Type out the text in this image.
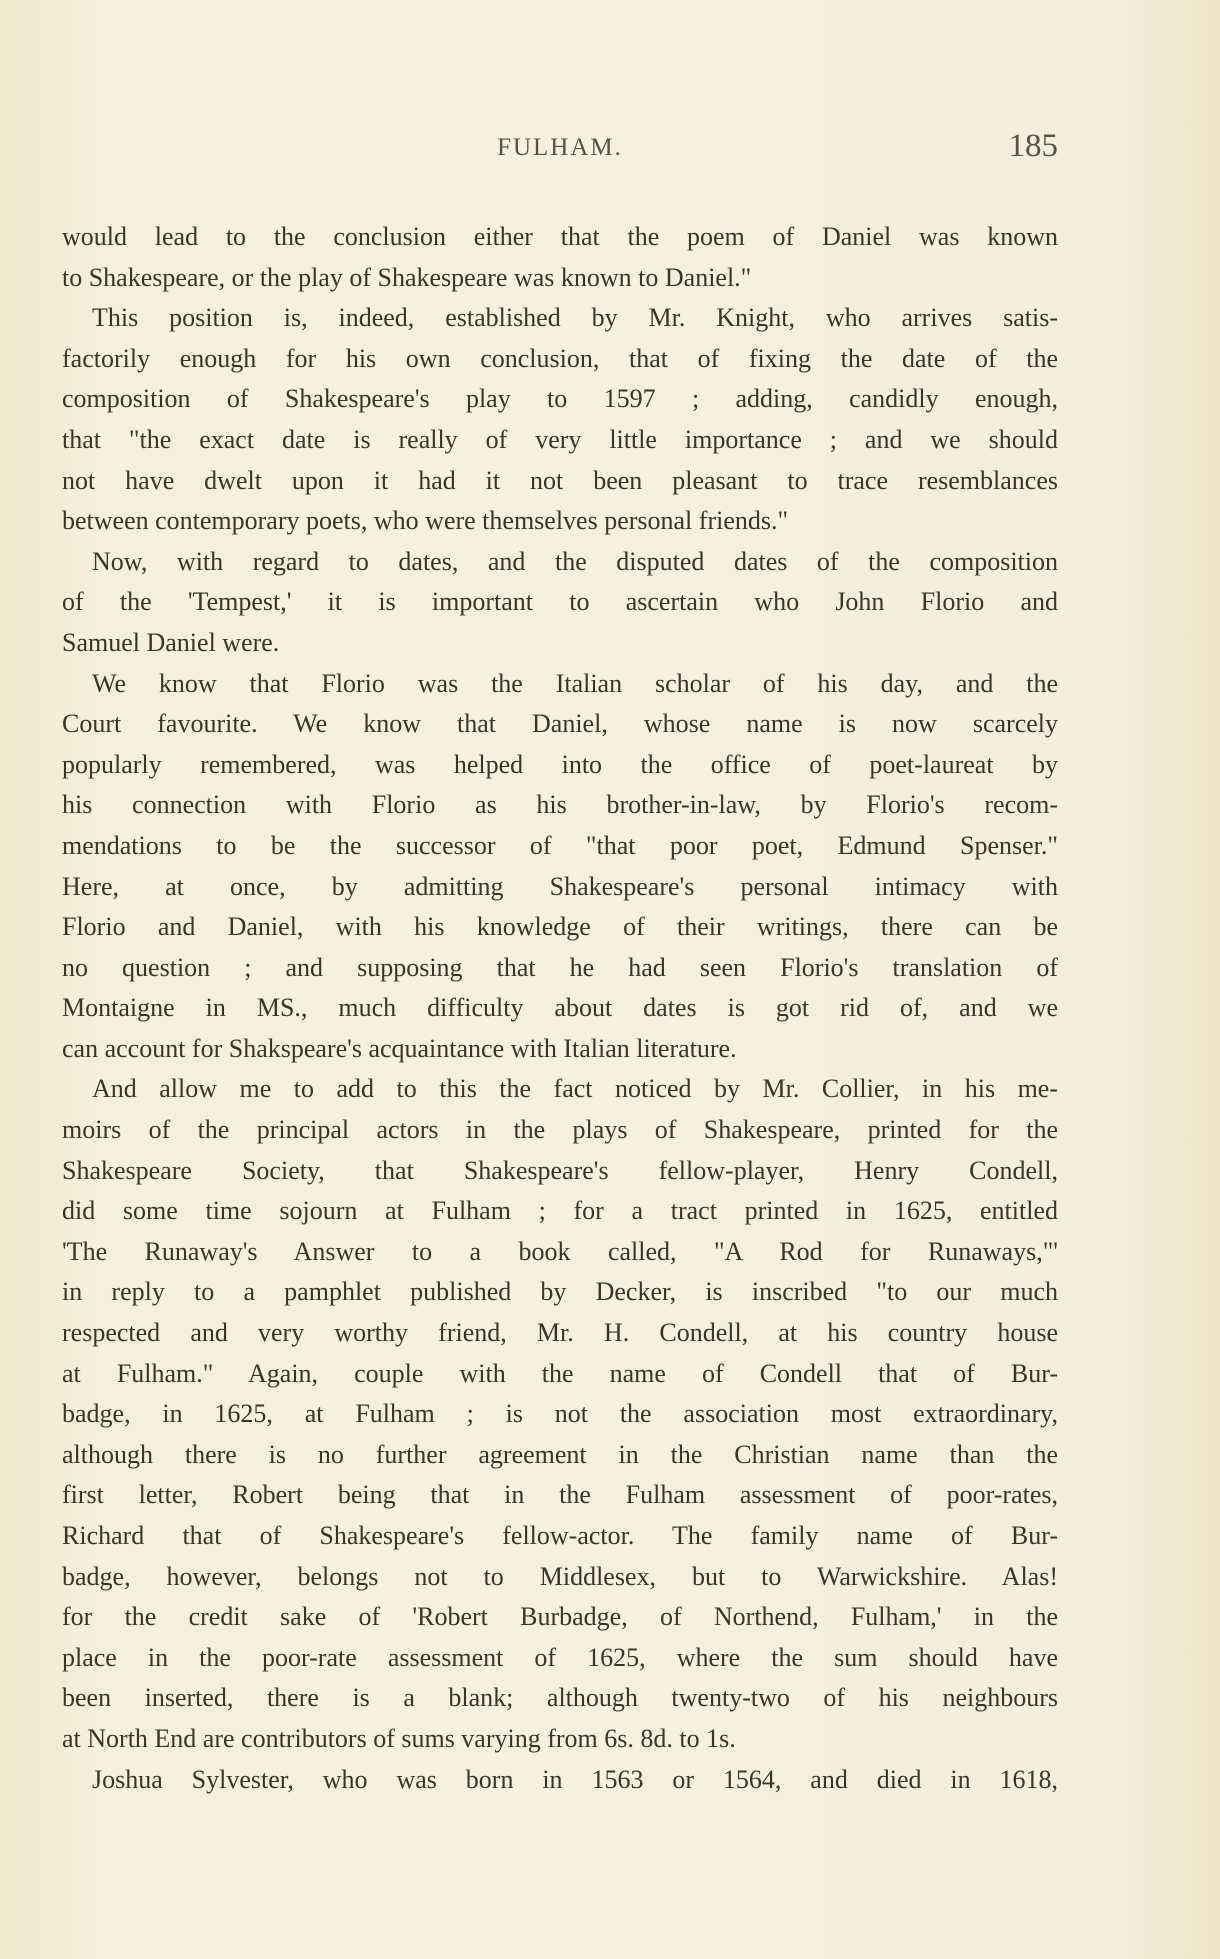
FULHAM.	185
would lead to the conclusion either that the poem of Daniel was known
to Shakespeare, or the play of Shakespeare was known to Daniel."
This position is, indeed, established by Mr. Knight, who arrives satis-
factorily enough for his own conclusion, that of fixing the date of the
composition of Shakespeare's play to 1597 ; adding, candidly enough,
that "the exact date is really of very little importance ; and we should
not have dwelt upon it had it not been pleasant to trace resemblances
between contemporary poets, who were themselves personal friends."
Now, with regard to dates, and the disputed dates of the composition
of the 'Tempest,' it is important to ascertain who John Florio and
Samuel Daniel were.
We know that Florio was the Italian scholar of his day, and the
Court favourite. We know that Daniel, whose name is now scarcely
popularly remembered, was helped into the office of poet-laureat by
his connection with Florio as his brother-in-law, by Florio's recom-
mendations to be the successor of "that poor poet, Edmund Spenser."
Here, at once, by admitting Shakespeare's personal intimacy with
Florio and Daniel, with his knowledge of their writings, there can be
no question ; and supposing that he had seen Florio's translation of
Montaigne in MS., much difficulty about dates is got rid of, and we
can account for Shakspeare's acquaintance with Italian literature.
And allow me to add to this the fact noticed by Mr. Collier, in his me-
moirs of the principal actors in the plays of Shakespeare, printed for the
Shakespeare Society, that Shakespeare's fellow-player, Henry Condell,
did some time sojourn at Fulham ; for a tract printed in 1625, entitled
'The Runaway's Answer to a book called, "A Rod for Runaways,"'
in reply to a pamphlet published by Decker, is inscribed "to our much
respected and very worthy friend, Mr. H. Condell, at his country house
at Fulham." Again, couple with the name of Condell that of Bur-
badge, in 1625, at Fulham ; is not the association most extraordinary,
although there is no further agreement in the Christian name than the
first letter, Robert being that in the Fulham assessment of poor-rates,
Richard that of Shakespeare's fellow-actor. The family name of Bur-
badge, however, belongs not to Middlesex, but to Warwickshire. Alas!
for the credit sake of 'Robert Burbadge, of Northend, Fulham,' in the
place in the poor-rate assessment of 1625, where the sum should have
been inserted, there is a blank; although twenty-two of his neighbours
at North End are contributors of sums varying from 6s. 8d. to 1s.
Joshua Sylvester, who was born in 1563 or 1564, and died in 1618,
